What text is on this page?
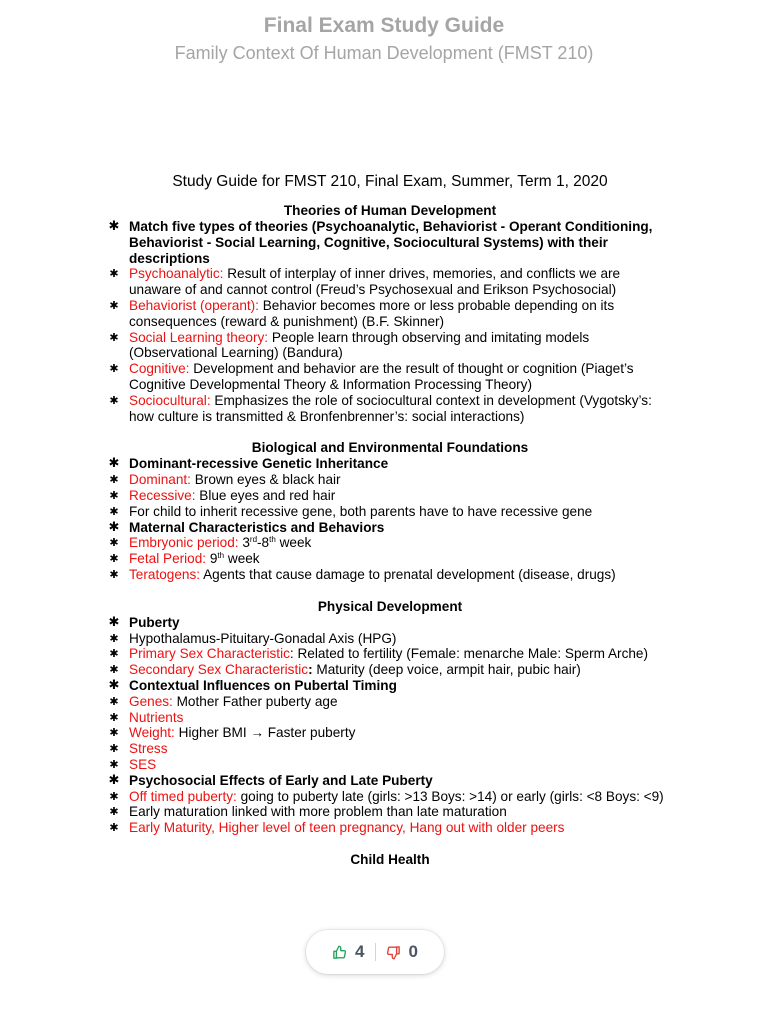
Final Exam Study Guide
Family Context Of Human Development (FMST 210)
Study Guide for FMST 210, Final Exam, Summer, Term 1, 2020
Theories of Human Development
✱ Match five types of theories (Psychoanalytic, Behaviorist - Operant Conditioning, Behaviorist - Social Learning, Cognitive, Sociocultural Systems) with their descriptions
✱ Psychoanalytic: Result of interplay of inner drives, memories, and conflicts we are unaware of and cannot control (Freud’s Psychosexual and Erikson Psychosocial)
✱ Behaviorist (operant): Behavior becomes more or less probable depending on its consequences (reward & punishment) (B.F. Skinner)
✱ Social Learning theory: People learn through observing and imitating models (Observational Learning) (Bandura)
✱ Cognitive: Development and behavior are the result of thought or cognition (Piaget’s Cognitive Developmental Theory & Information Processing Theory)
✱ Sociocultural: Emphasizes the role of sociocultural context in development (Vygotsky’s: how culture is transmitted & Bronfenbrenner’s: social interactions)
Biological and Environmental Foundations
✱ Dominant-recessive Genetic Inheritance
✱ Dominant: Brown eyes & black hair
✱ Recessive: Blue eyes and red hair
✱ For child to inherit recessive gene, both parents have to have recessive gene
✱ Maternal Characteristics and Behaviors
✱ Embryonic period: 3rd-8th week
✱ Fetal Period: 9th week
✱ Teratogens: Agents that cause damage to prenatal development (disease, drugs)
Physical Development
✱ Puberty
✱ Hypothalamus-Pituitary-Gonadal Axis (HPG)
✱ Primary Sex Characteristic: Related to fertility (Female: menarche Male: Sperm Arche)
✱ Secondary Sex Characteristic: Maturity (deep voice, armpit hair, pubic hair)
✱ Contextual Influences on Pubertal Timing
✱ Genes: Mother Father puberty age
✱ Nutrients
✱ Weight: Higher BMI → Faster puberty
✱ Stress
✱ SES
✱ Psychosocial Effects of Early and Late Puberty
✱ Off timed puberty: going to puberty late (girls: >13 Boys: >14) or early (girls: <8 Boys: <9)
✱ Early maturation linked with more problem than late maturation
✱ Early Maturity, Higher level of teen pregnancy, Hang out with older peers
Child Health
4	0
